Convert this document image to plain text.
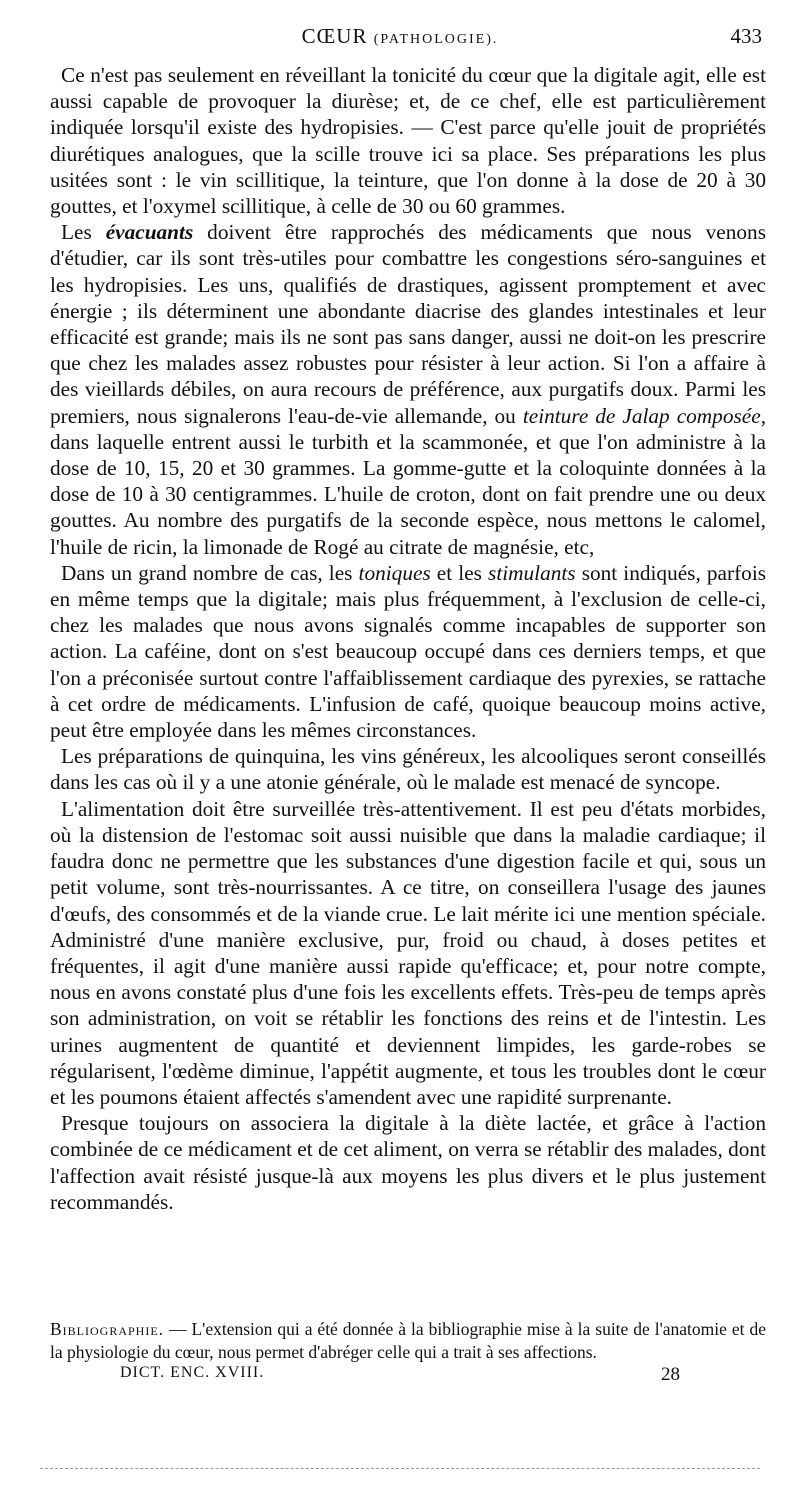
CŒUR (PATHOLOGIE).	433

Ce n'est pas seulement en réveillant la tonicité du cœur que la digitale agit, elle est aussi capable de provoquer la diurèse; et, de ce chef, elle est particulièrement indiquée lorsqu'il existe des hydropisies. — C'est parce qu'elle jouit de propriétés diurétiques analogues, que la scille trouve ici sa place. Ses préparations les plus usitées sont : le vin scillitique, la teinture, que l'on donne à la dose de 20 à 30 gouttes, et l'oxymel scillitique, à celle de 30 ou 60 grammes.

Les évacuants doivent être rapprochés des médicaments que nous venons d'étudier, car ils sont très-utiles pour combattre les congestions séro-sanguines et les hydropisies. Les uns, qualifiés de drastiques, agissent promptement et avec énergie ; ils déterminent une abondante diacrise des glandes intestinales et leur efficacité est grande; mais ils ne sont pas sans danger, aussi ne doit-on les prescrire que chez les malades assez robustes pour résister à leur action. Si l'on a affaire à des vieillards débiles, on aura recours de préférence, aux purgatifs doux. Parmi les premiers, nous signalerons l'eau-de-vie allemande, ou teinture de Jalap composée, dans laquelle entrent aussi le turbith et la scammonée, et que l'on administre à la dose de 10, 15, 20 et 30 grammes. La gomme-gutte et la coloquinte données à la dose de 10 à 30 centigrammes. L'huile de croton, dont on fait prendre une ou deux gouttes. Au nombre des purgatifs de la seconde espèce, nous mettons le calomel, l'huile de ricin, la limonade de Rogé au citrate de magnésie, etc,

Dans un grand nombre de cas, les toniques et les stimulants sont indiqués, parfois en même temps que la digitale; mais plus fréquemment, à l'exclusion de celle-ci, chez les malades que nous avons signalés comme incapables de supporter son action. La caféine, dont on s'est beaucoup occupé dans ces derniers temps, et que l'on a préconisée surtout contre l'affaiblissement cardiaque des pyrexies, se rattache à cet ordre de médicaments. L'infusion de café, quoique beaucoup moins active, peut être employée dans les mêmes circonstances.

Les préparations de quinquina, les vins généreux, les alcooliques seront conseillés dans les cas où il y a une atonie générale, où le malade est menacé de syncope.

L'alimentation doit être surveillée très-attentivement. Il est peu d'états morbides, où la distension de l'estomac soit aussi nuisible que dans la maladie cardiaque; il faudra donc ne permettre que les substances d'une digestion facile et qui, sous un petit volume, sont très-nourrissantes. A ce titre, on conseillera l'usage des jaunes d'œufs, des consommés et de la viande crue. Le lait mérite ici une mention spéciale. Administré d'une manière exclusive, pur, froid ou chaud, à doses petites et fréquentes, il agit d'une manière aussi rapide qu'efficace; et, pour notre compte, nous en avons constaté plus d'une fois les excellents effets. Très-peu de temps après son administration, on voit se rétablir les fonctions des reins et de l'intestin. Les urines augmentent de quantité et deviennent limpides, les garde-robes se régularisent, l'œdème diminue, l'appétit augmente, et tous les troubles dont le cœur et les poumons étaient affectés s'amendent avec une rapidité surprenante.

Presque toujours on associera la digitale à la diète lactée, et grâce à l'action combinée de ce médicament et de cet aliment, on verra se rétablir des malades, dont l'affection avait résisté jusque-là aux moyens les plus divers et le plus justement recommandés.

Bibliographie. — L'extension qui a été donnée à la bibliographie mise à la suite de l'anatomie et de la physiologie du cœur, nous permet d'abréger celle qui a trait à ses affections.
DICT. ENC. XVIII.	28
